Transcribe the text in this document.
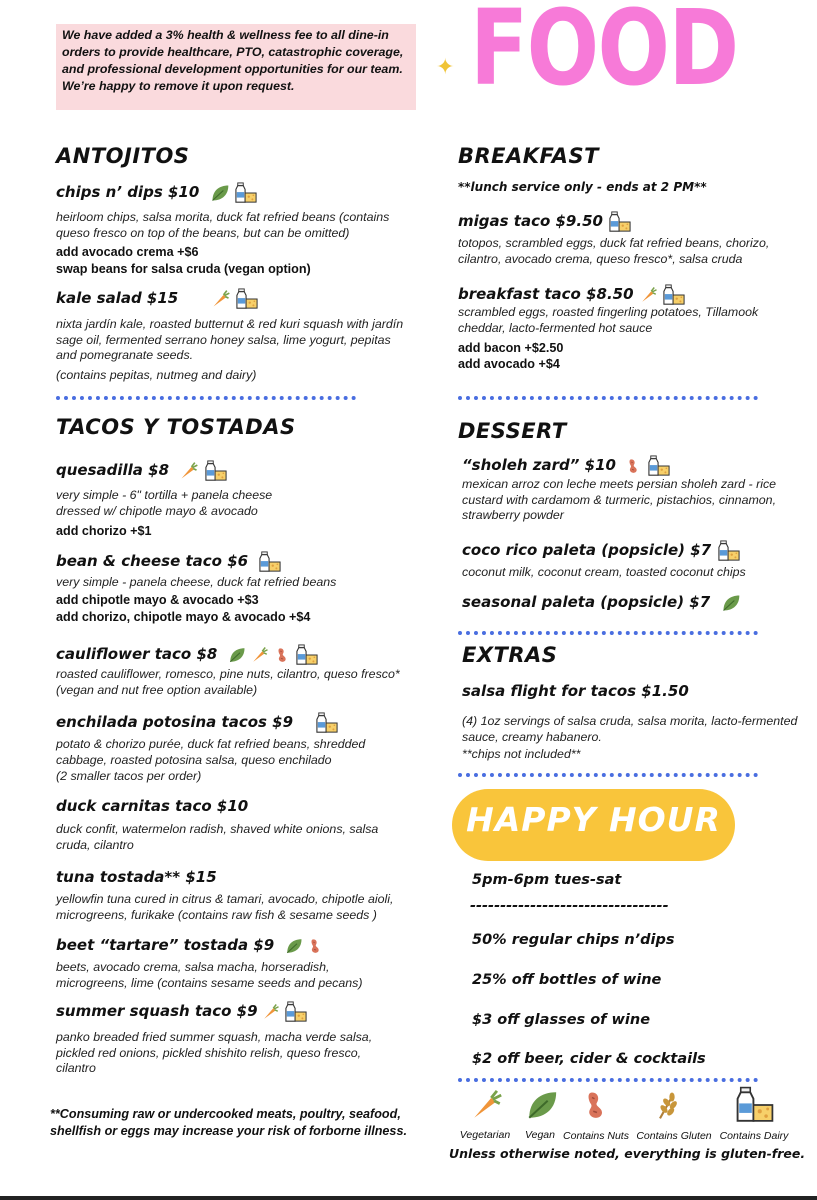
We have added a 3% health & wellness fee to all dine-in orders to provide healthcare, PTO, catastrophic coverage, and professional development opportunities for our team. We’re happy to remove it upon request.
✦ FOOD
ANTOJITOS
chips n’ dips $10
heirloom chips, salsa morita, duck fat refried beans (contains queso fresco on top of the beans, but can be omitted)
add avocado crema +$6
swap beans for salsa cruda (vegan option)
kale salad $15
nixta jardín kale, roasted butternut & red kuri squash with jardín sage oil, fermented serrano honey salsa, lime yogurt, pepitas and pomegranate seeds.
(contains pepitas, nutmeg and dairy)
TACOS Y TOSTADAS
quesadilla $8
very simple - 6" tortilla + panela cheese dressed w/ chipotle mayo & avocado
add chorizo +$1
bean & cheese taco $6
very simple - panela cheese, duck fat refried beans
add chipotle mayo & avocado +$3
add chorizo, chipotle mayo & avocado +$4
cauliflower taco $8
roasted cauliflower, romesco, pine nuts, cilantro, queso fresco* (vegan and nut free option available)
enchilada potosina tacos $9
potato & chorizo purée, duck fat refried beans, shredded cabbage, roasted potosina salsa, queso enchilado
(2 smaller tacos per order)
duck carnitas taco $10
duck confit, watermelon radish, shaved white onions, salsa cruda, cilantro
tuna tostada** $15
yellowfin tuna cured in citrus & tamari, avocado, chipotle aioli, microgreens, furikake (contains raw fish & sesame seeds )
beet “tartare” tostada $9
beets, avocado crema, salsa macha, horseradish, microgreens, lime (contains sesame seeds and pecans)
summer squash taco $9
panko breaded fried summer squash, macha verde salsa, pickled red onions, pickled shishito relish, queso fresco, cilantro
**Consuming raw or undercooked meats, poultry, seafood, shellfish or eggs may increase your risk of forborne illness.
BREAKFAST
**lunch service only - ends at 2 PM**
migas taco $9.50
totopos, scrambled eggs, duck fat refried beans, chorizo, cilantro, avocado crema, queso fresco*, salsa cruda
breakfast taco $8.50
scrambled eggs, roasted fingerling potatoes, Tillamook cheddar, lacto-fermented hot sauce
add bacon +$2.50
add avocado +$4
DESSERT
“sholeh zard” $10
mexican arroz con leche meets persian sholeh zard - rice custard with cardamom & turmeric, pistachios, cinnamon, strawberry powder
coco rico paleta (popsicle) $7
coconut milk, coconut cream, toasted coconut chips
seasonal paleta (popsicle) $7
EXTRAS
salsa flight for tacos $1.50
(4) 1oz servings of salsa cruda, salsa morita, lacto-fermented sauce, creamy habanero.
**chips not included**
HAPPY HOUR
5pm-6pm tues-sat
---------------------------------
50% regular chips n’dips
25% off bottles of wine
$3 off glasses of wine
$2 off beer, cider & cocktails
Vegetarian	Vegan Contains Nuts Contains Gluten Contains Dairy
Unless otherwise noted, everything is gluten-free.
